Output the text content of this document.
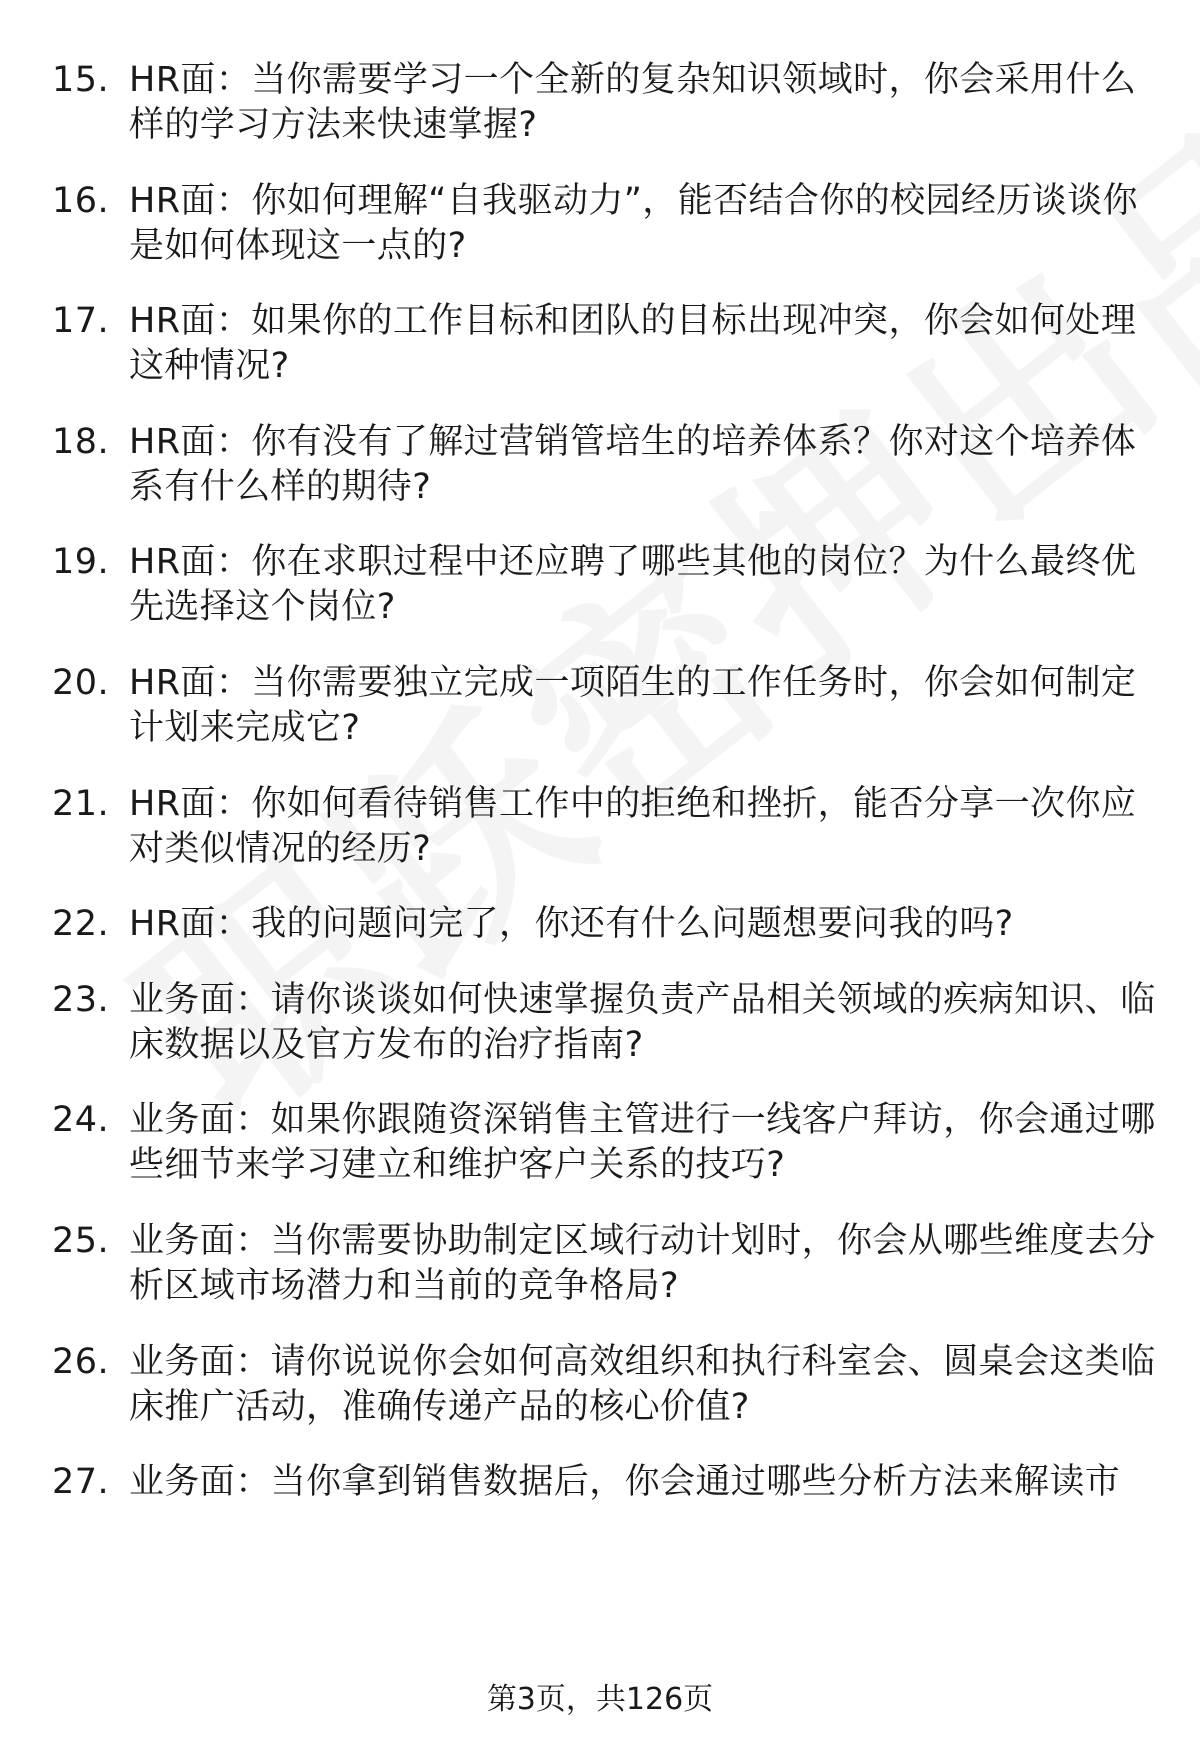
15. HR面：当你需要学习一个全新的复杂知识领域时，你会采用什么样的学习方法来快速掌握?
16. HR面：你如何理解“自我驱动力”，能否结合你的校园经历谈谈你是如何体现这一点的?
17. HR面：如果你的工作目标和团队的目标出现冲突，你会如何处理这种情况?
18. HR面：你有没有了解过营销管培生的培养体系？你对这个培养体系有什么样的期待?
19. HR面：你在求职过程中还应聘了哪些其他的岗位？为什么最终优先选择这个岗位?
20. HR面：当你需要独立完成一项陌生的工作任务时，你会如何制定计划来完成它?
21. HR面：你如何看待销售工作中的拒绝和挫折，能否分享一次你应对类似情况的经历?
22. HR面：我的问题问完了，你还有什么问题想要问我的吗?
23. 业务面：请你谈谈如何快速掌握负责产品相关领域的疾病知识、临床数据以及官方发布的治疗指南?
24. 业务面：如果你跟随资深销售主管进行一线客户拜访，你会通过哪些细节来学习建立和维护客户关系的技巧?
25. 业务面：当你需要协助制定区域行动计划时，你会从哪些维度去分析区域市场潜力和当前的竞争格局?
26. 业务面：请你说说你会如何高效组织和执行科室会、圆桌会这类临床推广活动，准确传递产品的核心价值?
27. 业务面：当你拿到销售数据后，你会通过哪些分析方法来解读市
第3页，共126页
